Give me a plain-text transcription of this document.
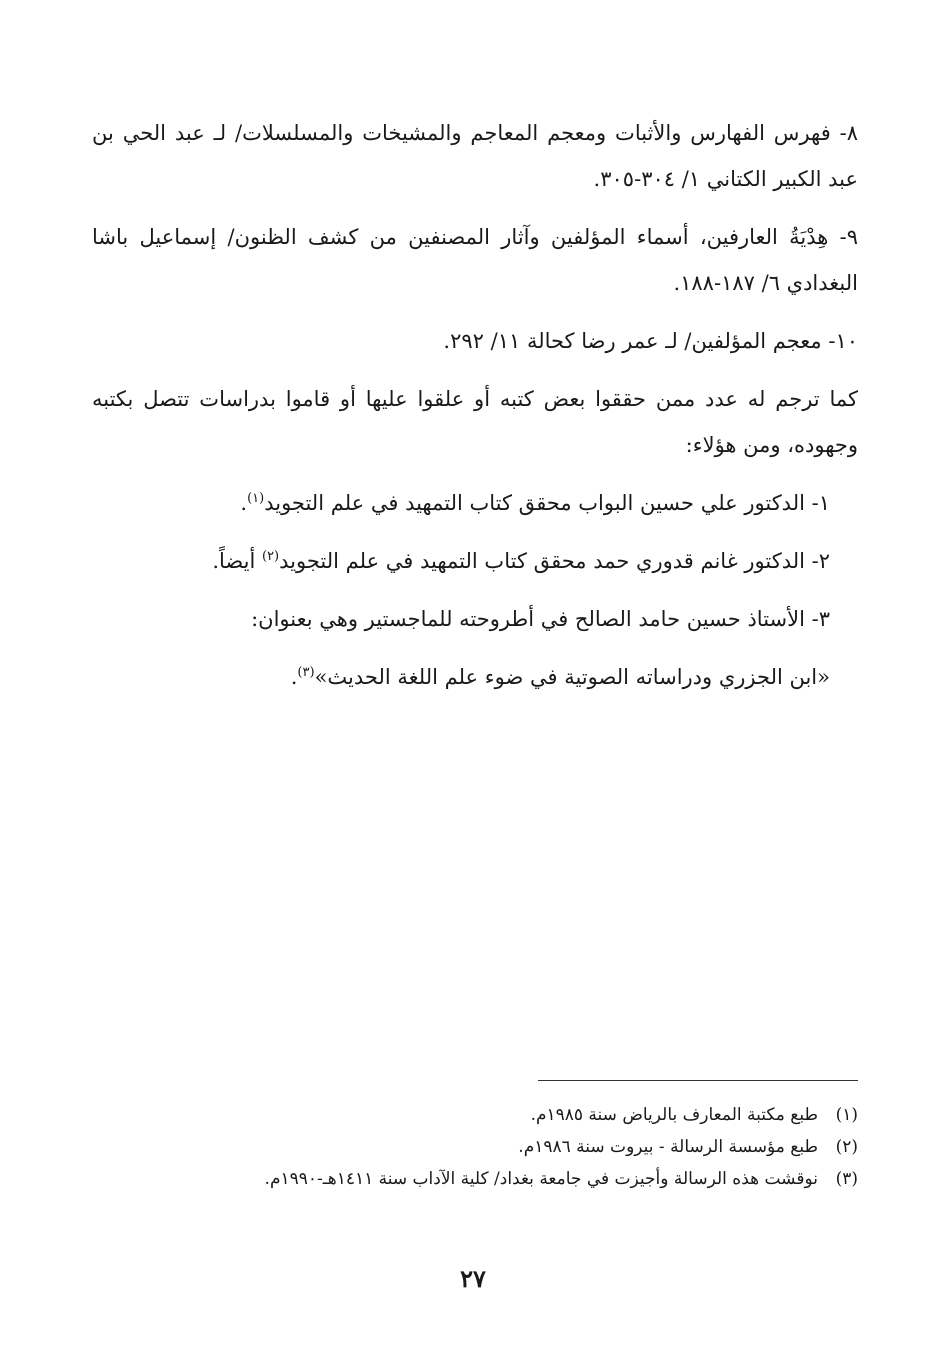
٨- فهرس الفهارس والأثبات ومعجم المعاجم والمشيخات والمسلسلات/ لـ عبد الحي بن عبد الكبير الكتاني ١/ ٣٠٤-٣٠٥.

٩- هِدْيَةُ العارفين، أسماء المؤلفين وآثار المصنفين من كشف الظنون/ إسماعيل باشا البغدادي ٦/ ١٨٧-١٨٨.

١٠- معجم المؤلفين/ لـ عمر رضا كحالة ١١/ ٢٩٢.

كما ترجم له عدد ممن حققوا بعض كتبه أو علقوا عليها أو قاموا بدراسات تتصل بكتبه وجهوده، ومن هؤلاء:

١- الدكتور علي حسين البواب محقق كتاب التمهيد في علم التجويد$^{(١)}$.

٢- الدكتور غانم قدوري حمد محقق كتاب التمهيد في علم التجويد$^{(٢)}$ أيضاً.

٣- الأستاذ حسين حامد الصالح في أطروحته للماجستير وهي بعنوان:

«ابن الجزري ودراساته الصوتية في ضوء علم اللغة الحديث»$^{(٣)}$.

(١)
طبع مكتبة المعارف بالرياض سنة ١٩٨٥م.
(٢)
طبع مؤسسة الرسالة - بيروت سنة ١٩٨٦م.
(٣)
نوقشت هذه الرسالة وأجيزت في جامعة بغداد/ كلية الآداب سنة ١٤١١هـ-١٩٩٠م.
٢٧
